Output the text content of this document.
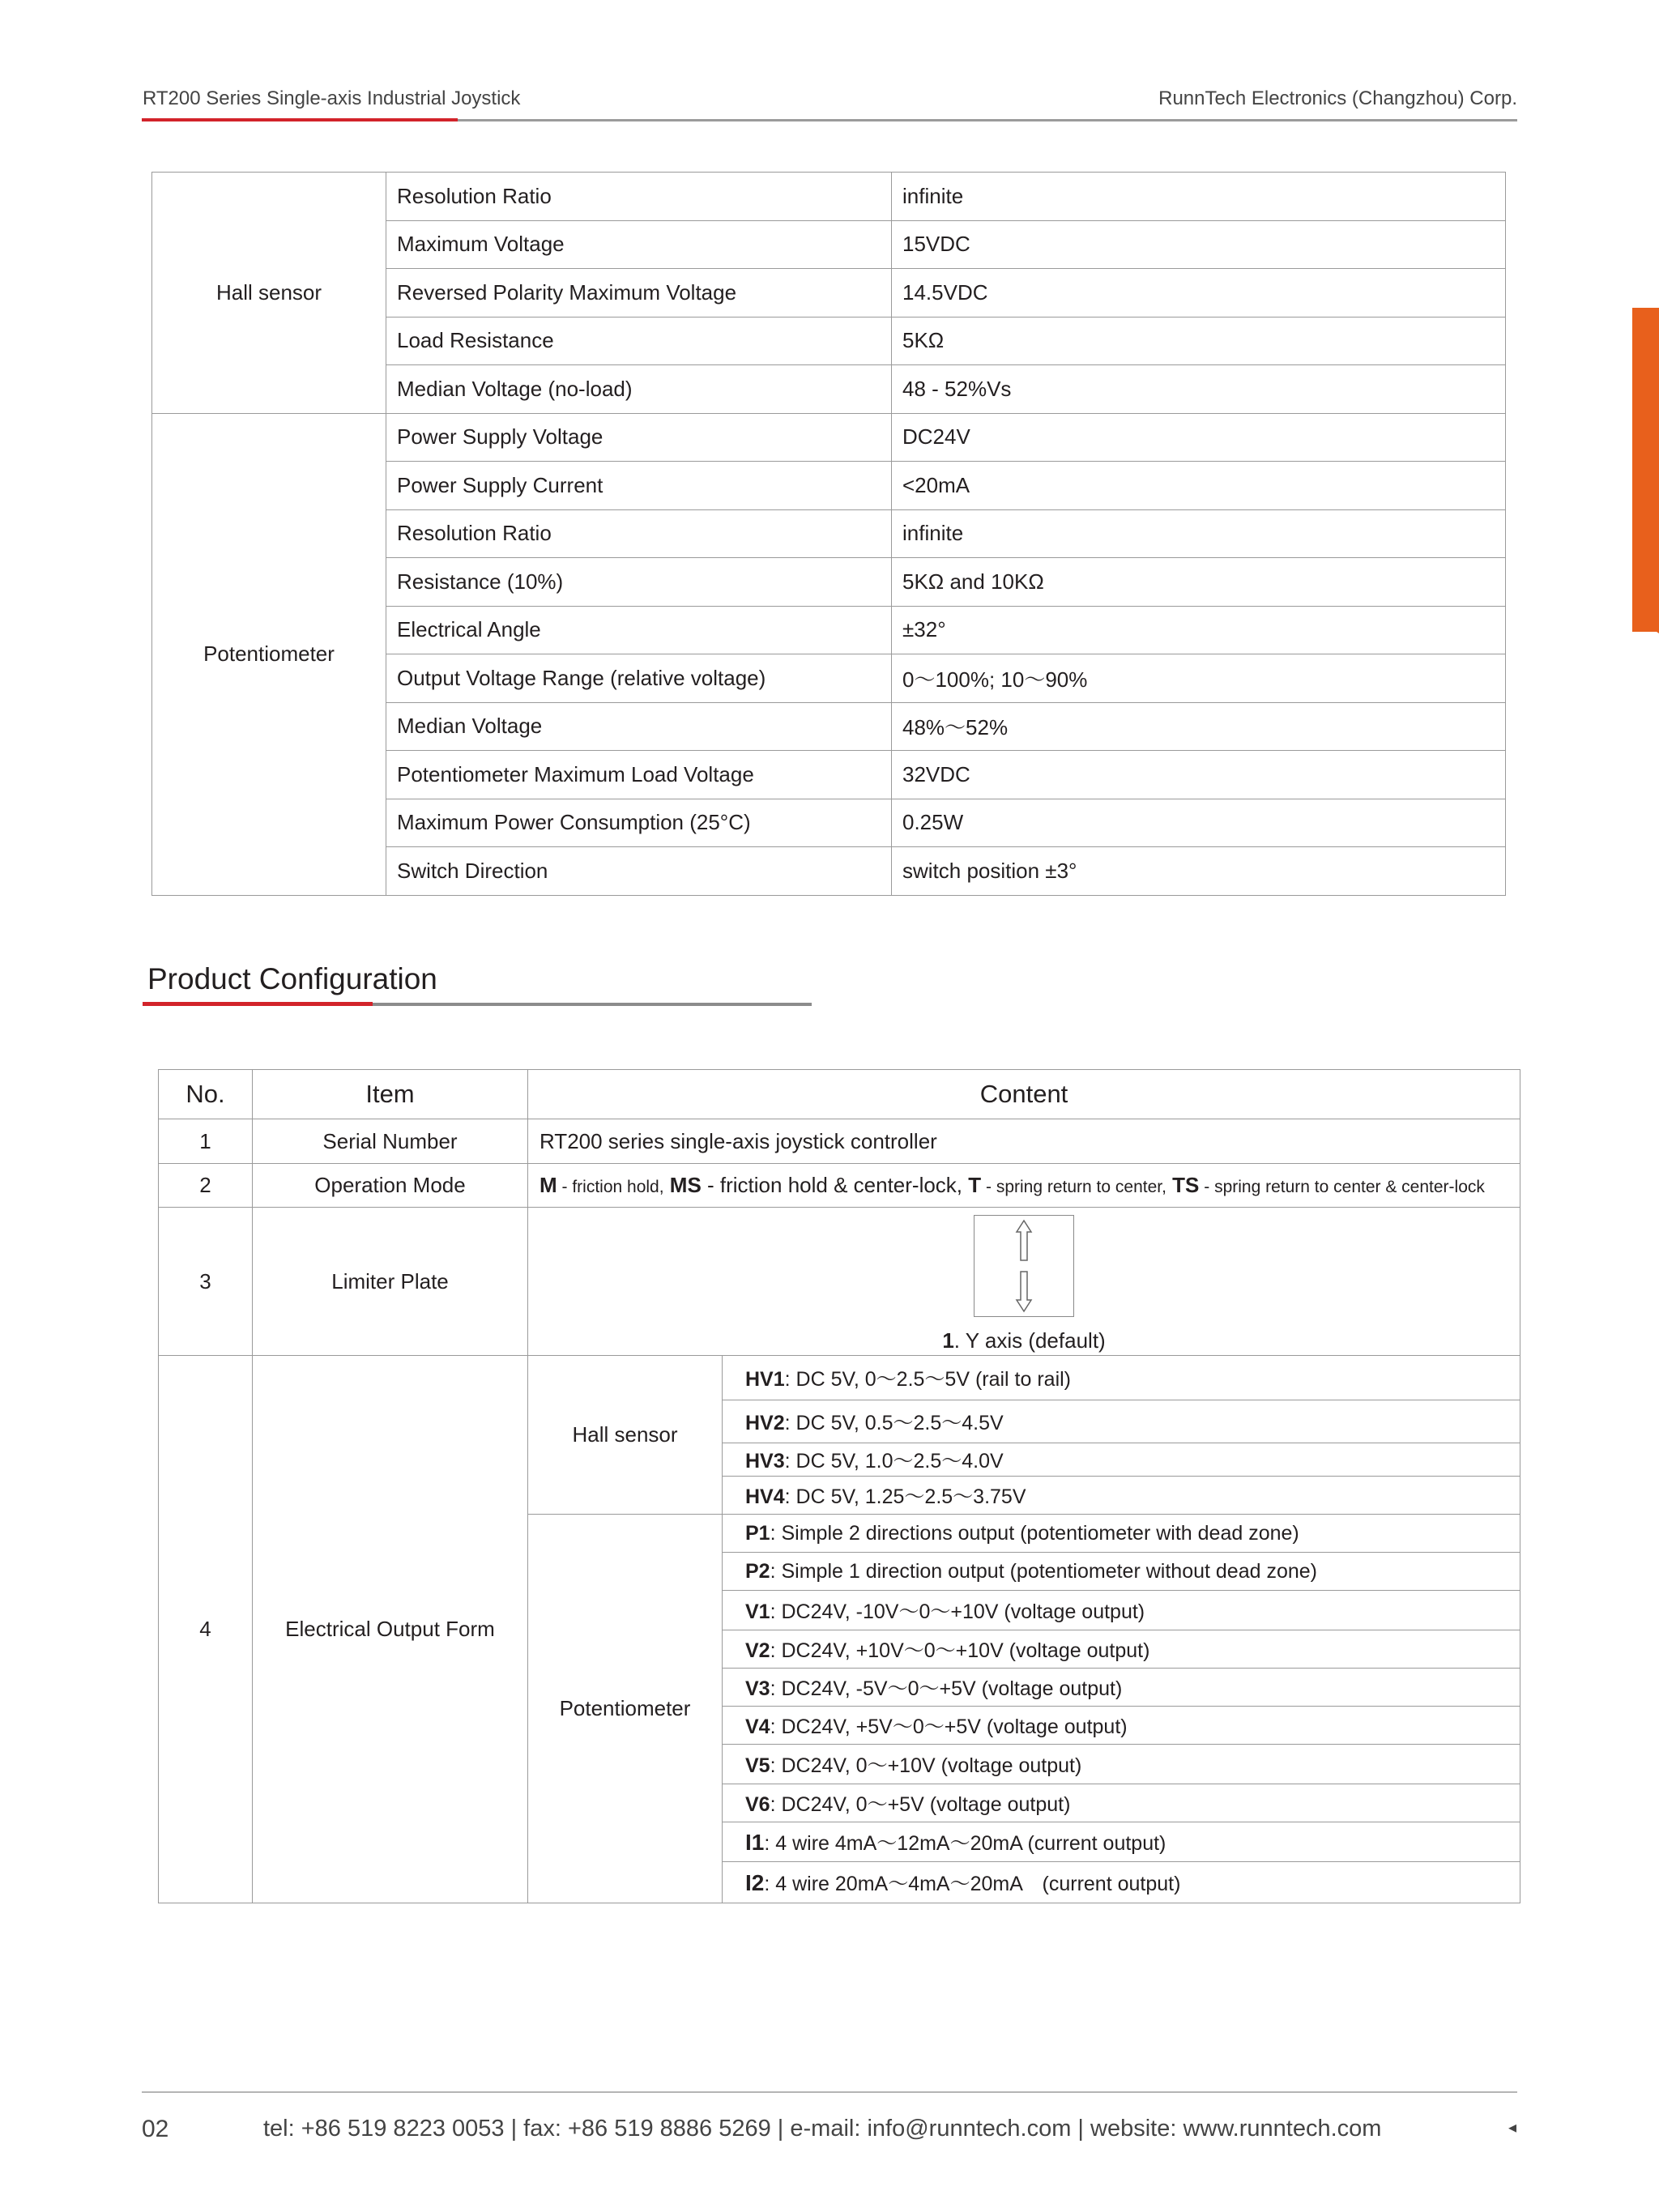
RT200 Series Single-axis Industrial Joystick	RunnTech Electronics (Changzhou) Corp.
Hall sensor	Resolution Ratio	infinite
	Maximum Voltage	15VDC
	Reversed Polarity Maximum Voltage	14.5VDC
	Load Resistance	5KΩ
	Median Voltage (no-load)	48 - 52%Vs
Potentiometer	Power Supply Voltage	DC24V
	Power Supply Current	<20mA
	Resolution Ratio	infinite
	Resistance (10%)	5KΩ and 10KΩ
	Electrical Angle	±32°
	Output Voltage Range (relative voltage)	0～100%; 10～90%
	Median Voltage	48%～52%
	Potentiometer Maximum Load Voltage	32VDC
	Maximum Power Consumption (25°C)	0.25W
	Switch Direction	switch position ±3°
Product Configuration
No.	Item	Content	
1	Serial Number	RT200 series single-axis joystick controller	
2	Operation Mode	M - friction hold, MS - friction hold & center-lock, T - spring return to center, TS - spring return to center & center-lock	
3	Limiter Plate	1. Y axis (default)	

4	Electrical Output Form	Hall sensor	HV1: DC 5V, 0～2.5～5V (rail to rail)
			HV2: DC 5V, 0.5～2.5～4.5V
			HV3: DC 5V, 1.0～2.5～4.0V
			HV4: DC 5V, 1.25～2.5～3.75V
		Potentiometer	P1: Simple 2 directions output (potentiometer with dead zone)
			P2: Simple 1 direction output (potentiometer without dead zone)
			V1: DC24V, -10V～0～+10V (voltage output)
			V2: DC24V, +10V～0～+10V (voltage output)
			V3: DC24V, -5V～0～+5V (voltage output)
			V4: DC24V, +5V～0～+5V (voltage output)
			V5: DC24V, 0～+10V (voltage output)
			V6: DC24V, 0～+5V (voltage output)
			I1: 4 wire 4mA～12mA～20mA (current output)
			I2: 4 wire 20mA～4mA～20mA　(current output)
02	tel: +86 519 8223 0053 | fax: +86 519 8886 5269 | e-mail: info@runntech.com | website: www.runntech.com	◂
